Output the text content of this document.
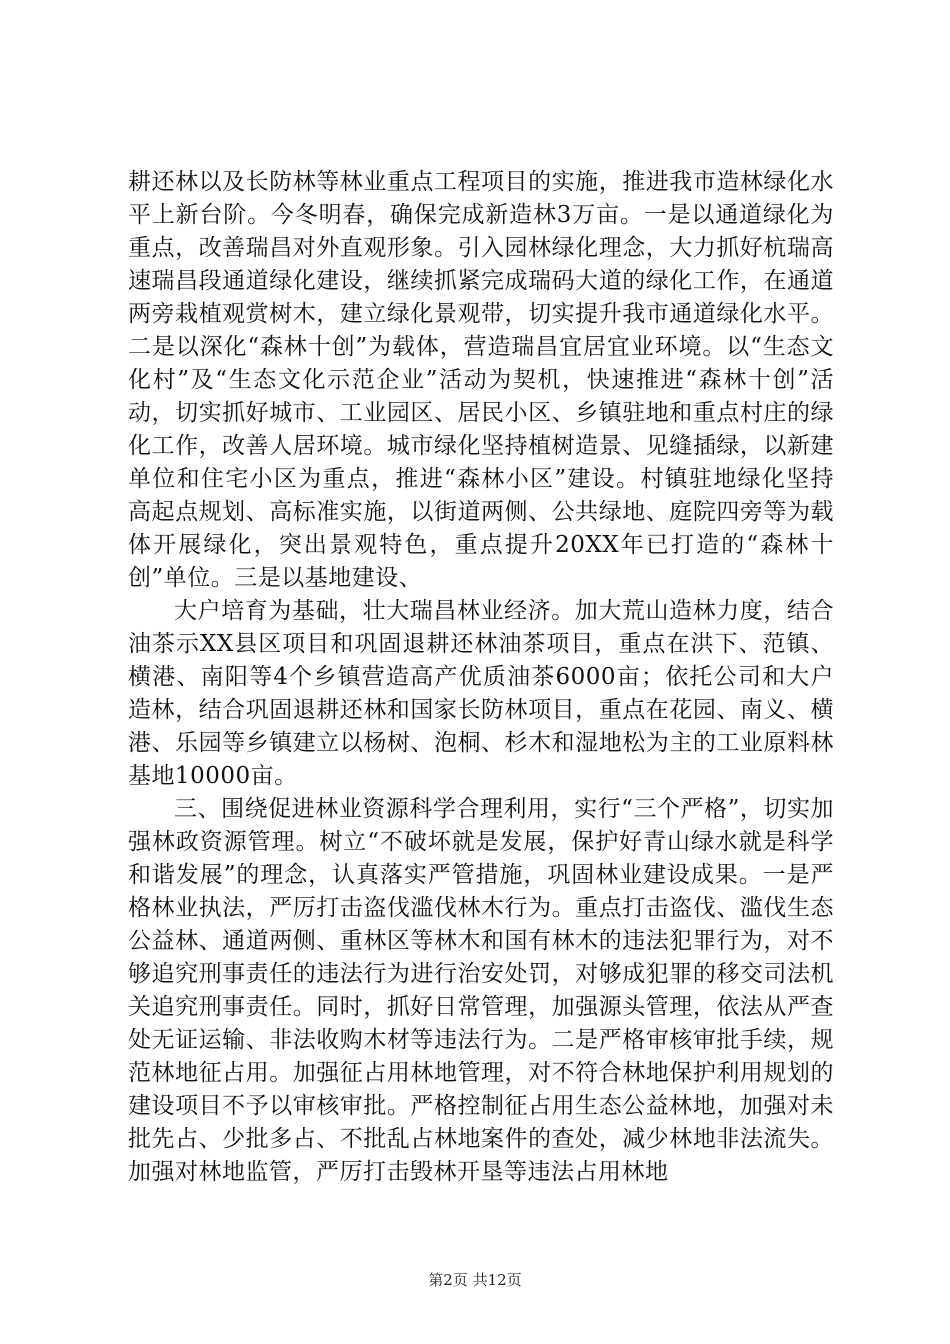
耕还林以及长防林等林业重点工程项目的实施，推进我市造林绿化水平上新台阶。今冬明春，确保完成新造林3万亩。一是以通道绿化为重点，改善瑞昌对外直观形象。引入园林绿化理念，大力抓好杭瑞高速瑞昌段通道绿化建设，继续抓紧完成瑞码大道的绿化工作，在通道两旁栽植观赏树木，建立绿化景观带，切实提升我市通道绿化水平。二是以深化“森林十创”为载体，营造瑞昌宜居宜业环境。以“生态文化村”及“生态文化示范企业”活动为契机，快速推进“森林十创”活动，切实抓好城市、工业园区、居民小区、乡镇驻地和重点村庄的绿化工作，改善人居环境。城市绿化坚持植树造景、见缝插绿，以新建单位和住宅小区为重点，推进“森林小区”建设。村镇驻地绿化坚持高起点规划、高标准实施，以街道两侧、公共绿地、庭院四旁等为载体开展绿化，突出景观特色，重点提升20XX年已打造的“森林十创”单位。三是以基地建设、

大户培育为基础，壮大瑞昌林业经济。加大荒山造林力度，结合油茶示XX县区项目和巩固退耕还林油茶项目，重点在洪下、范镇、横港、南阳等4个乡镇营造高产优质油茶6000亩；依托公司和大户造林，结合巩固退耕还林和国家长防林项目，重点在花园、南义、横港、乐园等乡镇建立以杨树、泡桐、杉木和湿地松为主的工业原料林基地10000亩。

三、围绕促进林业资源科学合理利用，实行“三个严格”，切实加强林政资源管理。树立“不破坏就是发展，保护好青山绿水就是科学和谐发展”的理念，认真落实严管措施，巩固林业建设成果。一是严格林业执法，严厉打击盗伐滥伐林木行为。重点打击盗伐、滥伐生态公益林、通道两侧、重林区等林木和国有林木的违法犯罪行为，对不够追究刑事责任的违法行为进行治安处罚，对够成犯罪的移交司法机关追究刑事责任。同时，抓好日常管理，加强源头管理，依法从严查处无证运输、非法收购木材等违法行为。二是严格审核审批手续，规范林地征占用。加强征占用林地管理，对不符合林地保护利用规划的建设项目不予以审核审批。严格控制征占用生态公益林地，加强对未批先占、少批多占、不批乱占林地案件的查处，减少林地非法流失。加强对林地监管，严厉打击毁林开垦等违法占用林地

第2页 共12页
